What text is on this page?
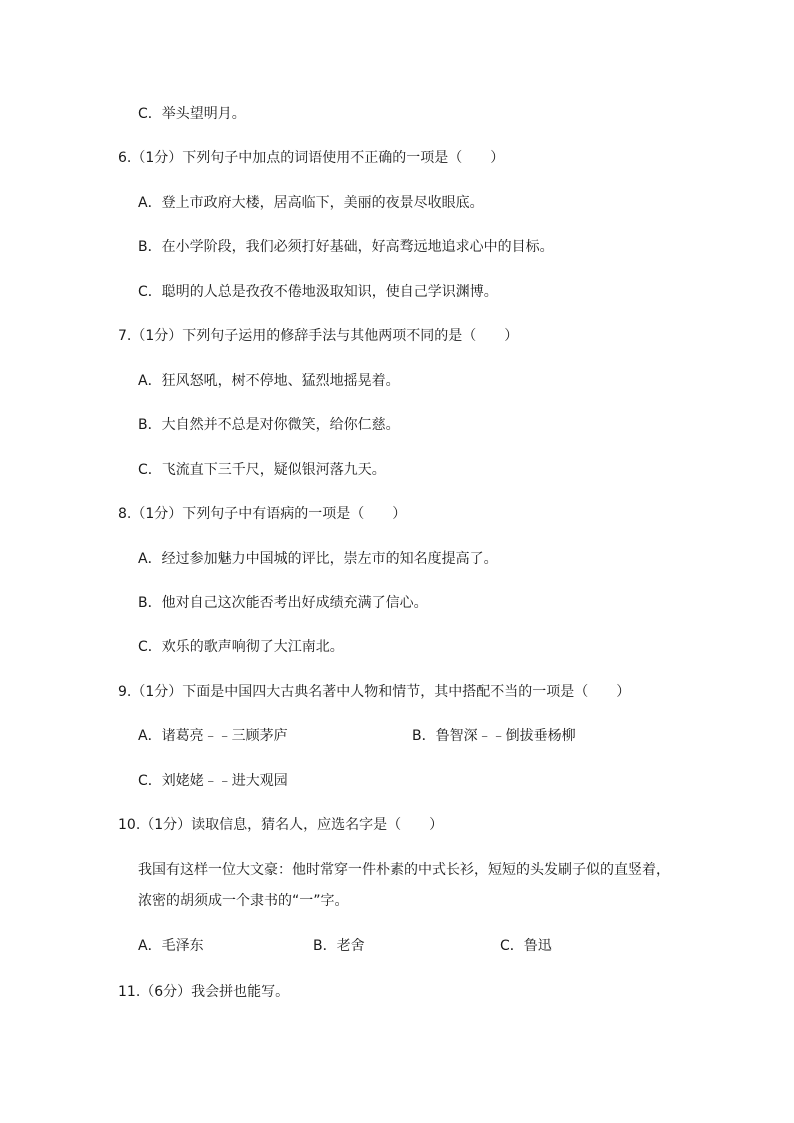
C．举头望明月。
6.（1分）下列句子中加点的词语使用不正确的一项是（　　）
A．登上市政府大楼，居高临下，美丽的夜景尽收眼底。
B．在小学阶段，我们必须打好基础，好高骛远地追求心中的目标。
C．聪明的人总是孜孜不倦地汲取知识，使自己学识渊博。
7.（1分）下列句子运用的修辞手法与其他两项不同的是（　　）
A．狂风怒吼，树不停地、猛烈地摇晃着。
B．大自然并不总是对你微笑，给你仁慈。
C．飞流直下三千尺，疑似银河落九天。
8.（1分）下列句子中有语病的一项是（　　）
A．经过参加魅力中国城的评比，崇左市的知名度提高了。
B．他对自己这次能否考出好成绩充满了信心。
C．欢乐的歌声响彻了大江南北。
9.（1分）下面是中国四大古典名著中人物和情节，其中搭配不当的一项是（　　）
A．诸葛亮﹣﹣三顾茅庐	B．鲁智深﹣﹣倒拔垂杨柳
C．刘姥姥﹣﹣进大观园
10.（1分）读取信息，猜名人，应选名字是（　　）
我国有这样一位大文豪：他时常穿一件朴素的中式长衫，短短的头发刷子似的直竖着，
浓密的胡须成一个隶书的“一”字。
A．毛泽东	B．老舍	C．鲁迅
11.（6分）我会拼也能写。
